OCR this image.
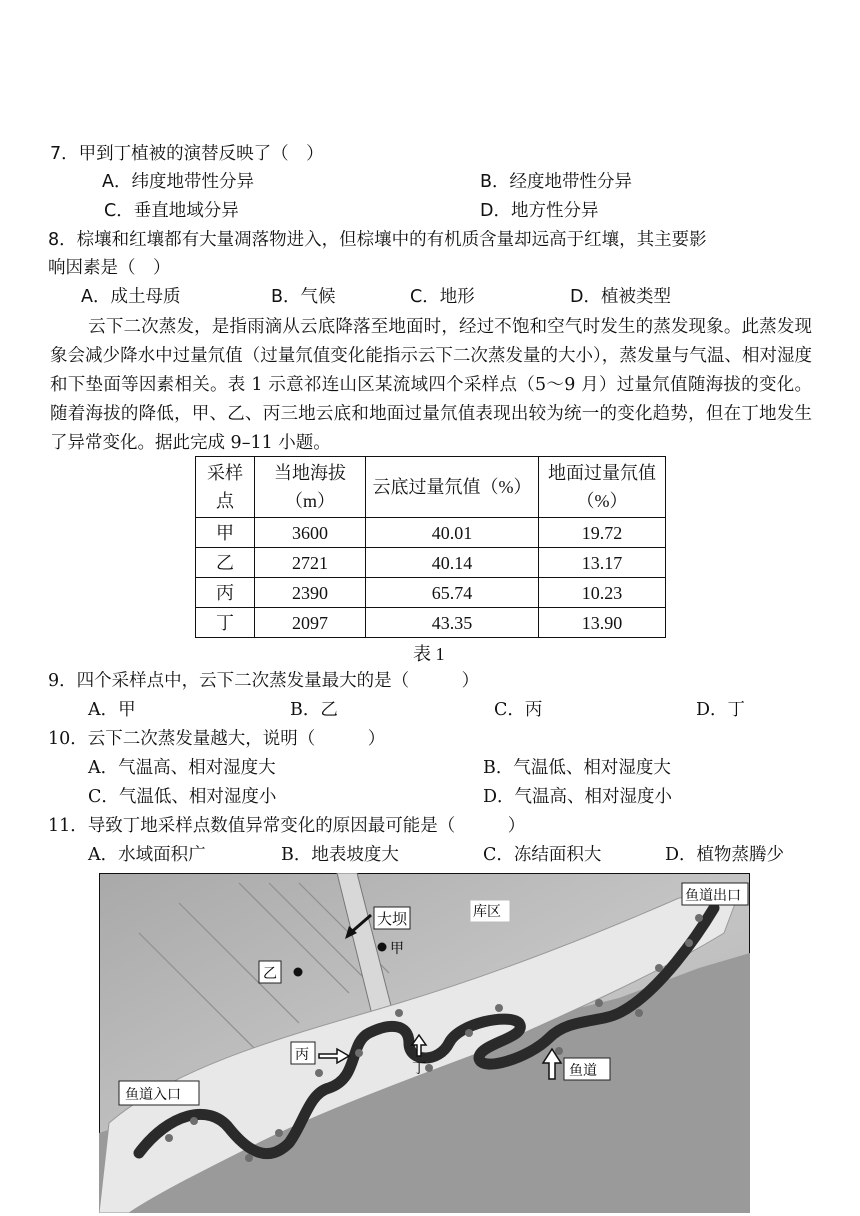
7．甲到丁植被的演替反映了（　）
A．纬度地带性分异	B．经度地带性分异
C．垂直地域分异	D．地方性分异
8．棕壤和红壤都有大量凋落物进入，但棕壤中的有机质含量却远高于红壤，其主要影
响因素是（　）
A．成土母质	B．气候	C．地形	D．植被类型
云下二次蒸发，是指雨滴从云底降落至地面时，经过不饱和空气时发生的蒸发现象。此蒸发现象会减少降水中过量氘值（过量氘值变化能指示云下二次蒸发量的大小），蒸发量与气温、相对湿度和下垫面等因素相关。表 1 示意祁连山区某流域四个采样点（5～9 月）过量氘值随海拔的变化。随着海拔的降低，甲、乙、丙三地云底和地面过量氘值表现出较为统一的变化趋势，但在丁地发生了异常变化。据此完成 9–11 小题。
采样点	当地海拔（m）	云底过量氘值（%）	地面过量氘值（%）
甲	3600	40.01	19.72
乙	2721	40.14	13.17
丙	2390	65.74	10.23
丁	2097	43.35	13.90
表 1
9．四个采样点中，云下二次蒸发量最大的是（　　　）
A．甲	B．乙	C．丙	D．丁
10．云下二次蒸发量越大，说明（　　　）
A．气温高、相对湿度大	B．气温低、相对湿度大
C．气温低、相对湿度小	D．气温高、相对湿度小
11．导致丁地采样点数值异常变化的原因最可能是（　　　）
A．水域面积广	B．地表坡度大	C．冻结面积大	D．植物蒸腾少
大坝
甲
乙
库区
鱼道出口
鱼道入口
丙
丁	鱼道
